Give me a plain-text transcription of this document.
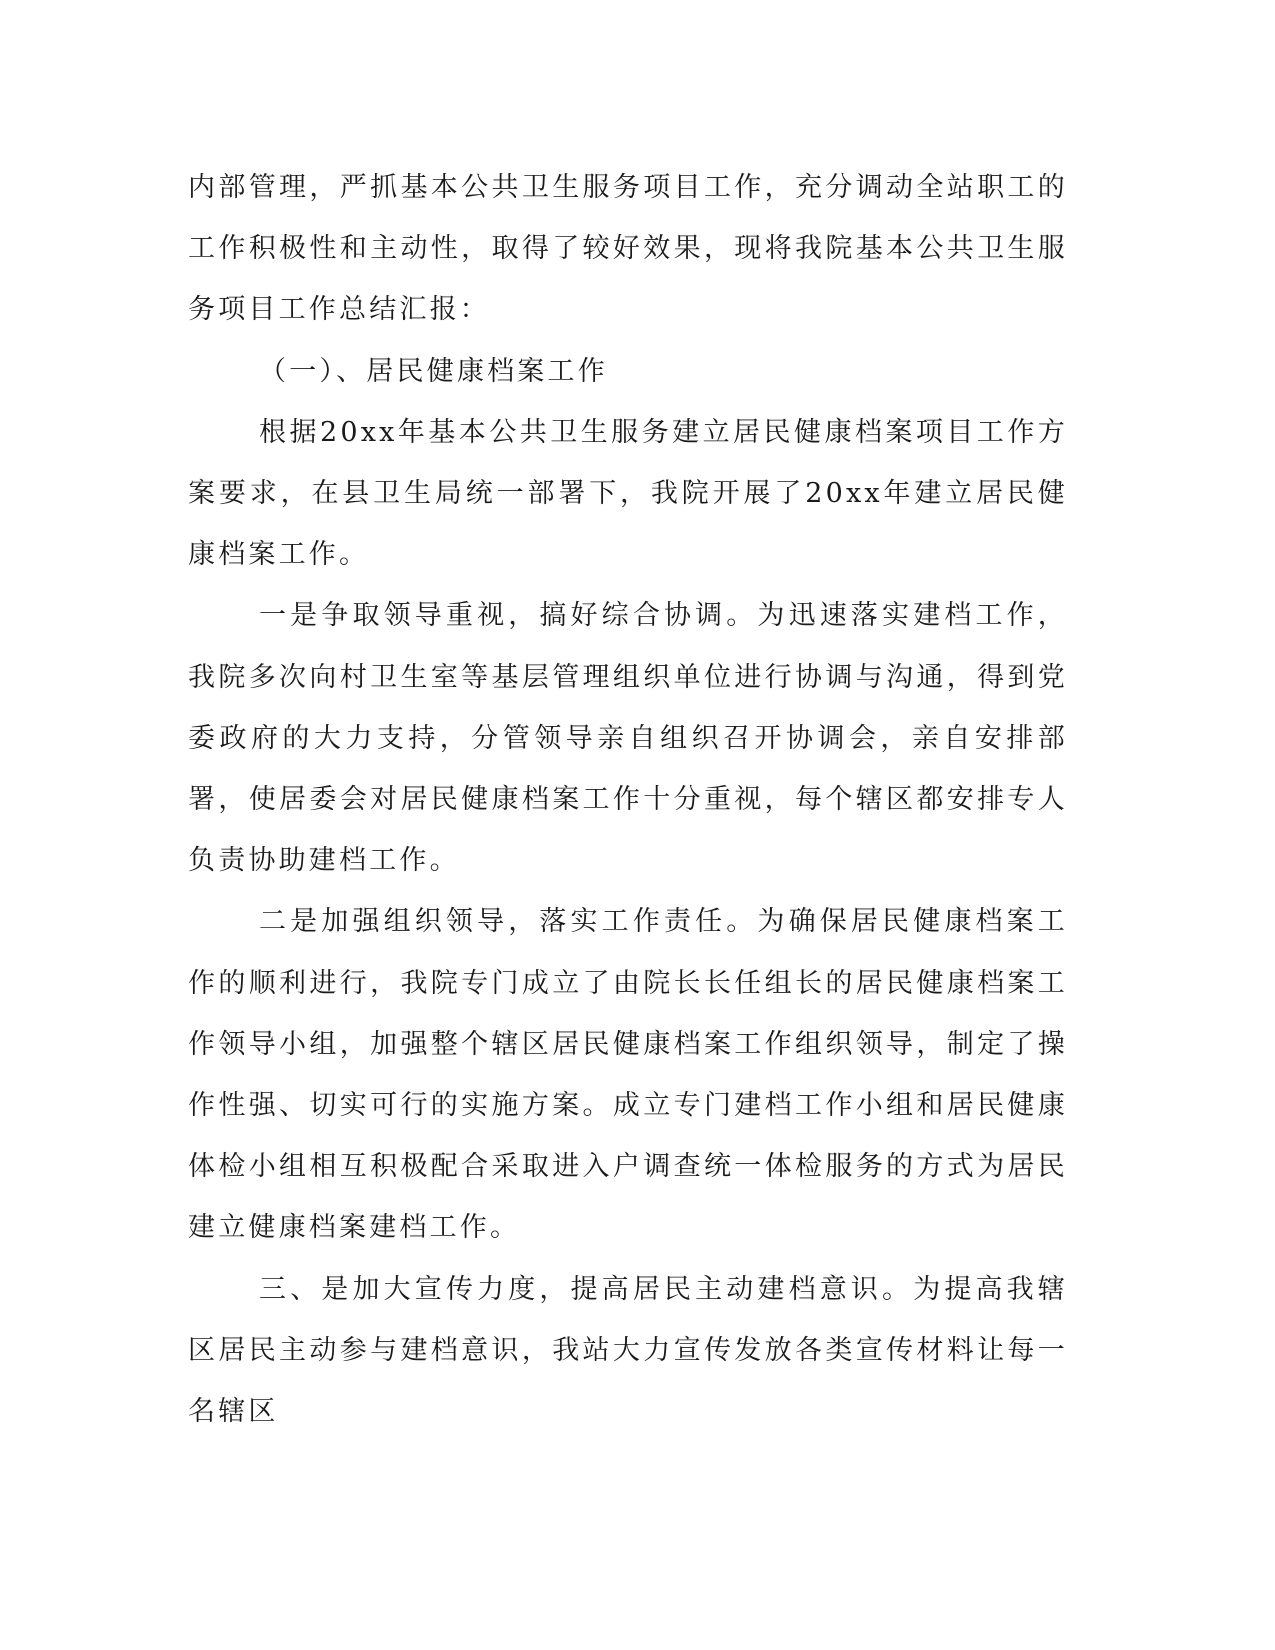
内部管理，严抓基本公共卫生服务项目工作，充分调动全站职工的工作积极性和主动性，取得了较好效果，现将我院基本公共卫生服务项目工作总结汇报：

（一）、居民健康档案工作

根据20xx年基本公共卫生服务建立居民健康档案项目工作方案要求，在县卫生局统一部署下，我院开展了20xx年建立居民健康档案工作。

一是争取领导重视，搞好综合协调。为迅速落实建档工作，我院多次向村卫生室等基层管理组织单位进行协调与沟通，得到党委政府的大力支持，分管领导亲自组织召开协调会，亲自安排部署，使居委会对居民健康档案工作十分重视，每个辖区都安排专人负责协助建档工作。

二是加强组织领导，落实工作责任。为确保居民健康档案工作的顺利进行，我院专门成立了由院长长任组长的居民健康档案工作领导小组，加强整个辖区居民健康档案工作组织领导，制定了操作性强、切实可行的实施方案。成立专门建档工作小组和居民健康体检小组相互积极配合采取进入户调查统一体检服务的方式为居民建立健康档案建档工作。

三、是加大宣传力度，提高居民主动建档意识。为提高我辖区居民主动参与建档意识，我站大力宣传发放各类宣传材料让每一名辖区
